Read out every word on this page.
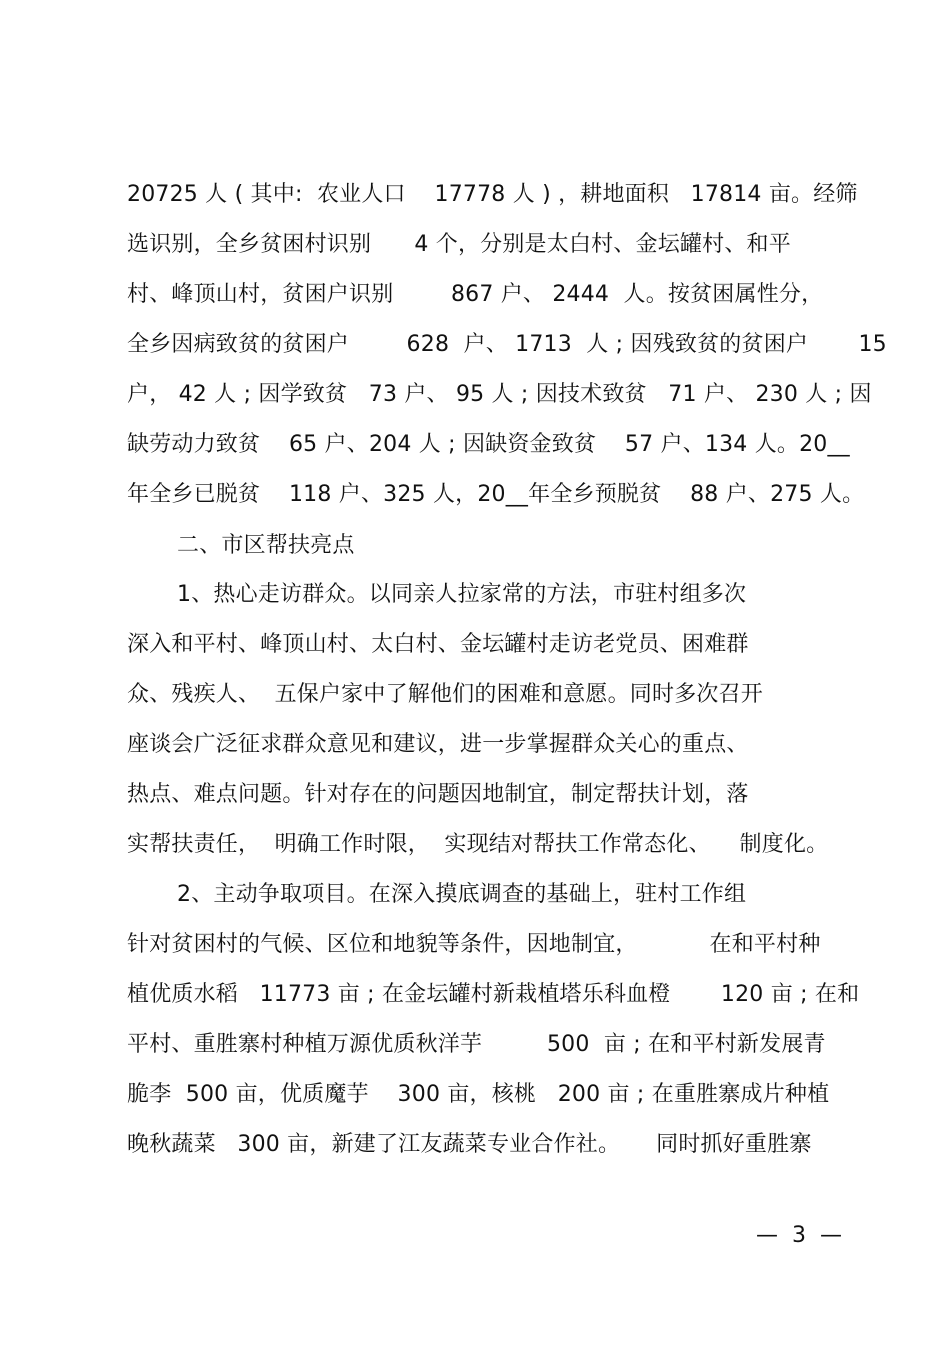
20725 人 ( 其中:  农业人口    17778 人 ) ，耕地面积   17814 亩。经筛
选识别，全乡贫困村识别      4 个，分别是太白村、金坛罐村、和平
村、峰顶山村，贫困户识别        867 户、 2444  人。按贫困属性分，
全乡因病致贫的贫困户        628  户、 1713  人 ; 因残致贫的贫困户       15
户， 42 人 ; 因学致贫   73 户、 95 人 ; 因技术致贫   71 户、 230 人 ; 因
缺劳动力致贫    65 户、204 人 ; 因缺资金致贫    57 户、134 人。20__
年全乡已脱贫    118 户、325 人，20__年全乡预脱贫    88 户、275 人。
二、市区帮扶亮点
1、热心走访群众。以同亲人拉家常的方法，市驻村组多次
深入和平村、峰顶山村、太白村、金坛罐村走访老党员、困难群
众、残疾人、  五保户家中了解他们的困难和意愿。同时多次召开
座谈会广泛征求群众意见和建议，进一步掌握群众关心的重点、
热点、难点问题。针对存在的问题因地制宜，制定帮扶计划，落
实帮扶责任，  明确工作时限，  实现结对帮扶工作常态化、    制度化。
2、主动争取项目。在深入摸底调查的基础上，驻村工作组
针对贫困村的气候、区位和地貌等条件，因地制宜，          在和平村种
植优质水稻   11773 亩 ; 在金坛罐村新栽植塔乐科血橙       120 亩 ; 在和
平村、重胜寨村种植万源优质秋洋芋         500  亩 ; 在和平村新发展青
脆李  500 亩，优质魔芋    300 亩，核桃   200 亩 ; 在重胜寨成片种植
晚秋蔬菜   300 亩，新建了江友蔬菜专业合作社。     同时抓好重胜寨
—  3  —
